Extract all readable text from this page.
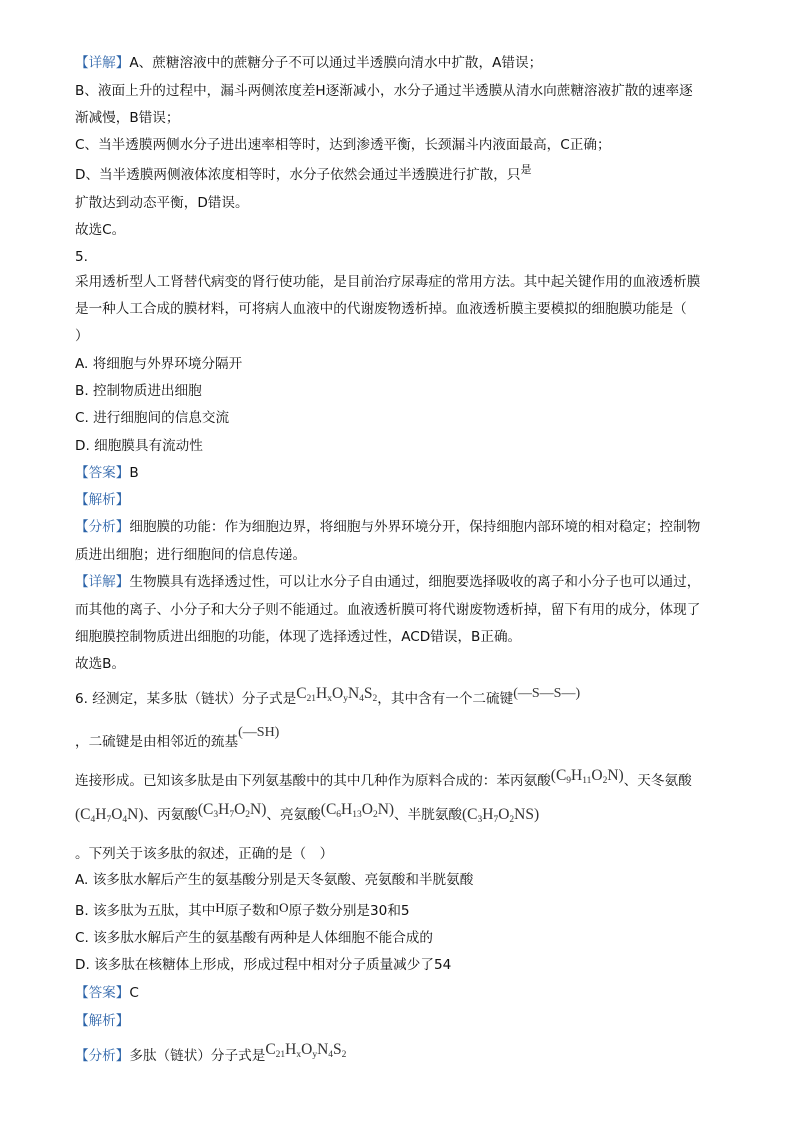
【详解】A、蔗糖溶液中的蔗糖分子不可以通过半透膜向清水中扩散，A错误；
B、液面上升的过程中，漏斗两侧浓度差H逐渐减小，水分子通过半透膜从清水向蔗糖溶液扩散的速率逐
渐减慢，B错误；
C、当半透膜两侧水分子进出速率相等时，达到渗透平衡，长颈漏斗内液面最高，C正确；
D、当半透膜两侧液体浓度相等时，水分子依然会通过半透膜进行扩散，只$^是$
扩散达到动态平衡，D错误。
故选C。
5.
采用透析型人工肾替代病变的肾行使功能，是目前治疗尿毒症的常用方法。其中起关键作用的血液透析膜
是一种人工合成的膜材料，可将病人血液中的代谢废物透析掉。血液透析膜主要模拟的细胞膜功能是（
）
A. 将细胞与外界环境分隔开
B. 控制物质进出细胞
C. 进行细胞间的信息交流
D. 细胞膜具有流动性
【答案】B
【解析】
【分析】细胞膜的功能：作为细胞边界，将细胞与外界环境分开，保持细胞内部环境的相对稳定；控制物
质进出细胞；进行细胞间的信息传递。
【详解】生物膜具有选择透过性，可以让水分子自由通过，细胞要选择吸收的离子和小分子也可以通过，
而其他的离子、小分子和大分子则不能通过。血液透析膜可将代谢废物透析掉，留下有用的成分，体现了
细胞膜控制物质进出细胞的功能，体现了选择透过性，ACD错误，B正确。
故选B。
6. 经测定，某多肽（链状）分子式是$C_{21}H_xO_yN_4S_2$，其中含有一个二硫键(—S—S—)
，二硫键是由相邻近的巯基(—SH)
连接形成。已知该多肽是由下列氨基酸中的其中几种作为原料合成的：苯丙氨酸$(C_9H_{11}O_2N)$、天冬氨酸
$(C_4H_7O_4N)$、丙氨酸$(C_3H_7O_2N)$、亮氨酸$(C_6H_{13}O_2N)$、半胱氨酸$(C_3H_7O_2NS)$
。下列关于该多肽的叙述，正确的是（　）
A. 该多肽水解后产生的氨基酸分别是天冬氨酸、亮氨酸和半胱氨酸
B. 该多肽为五肽，其中H原子数和O原子数分别是30和5
C. 该多肽水解后产生的氨基酸有两种是人体细胞不能合成的
D. 该多肽在核糖体上形成，形成过程中相对分子质量减少了54
【答案】C
【解析】
【分析】多肽（链状）分子式是$C_{21}H_xO_yN_4S_2$
